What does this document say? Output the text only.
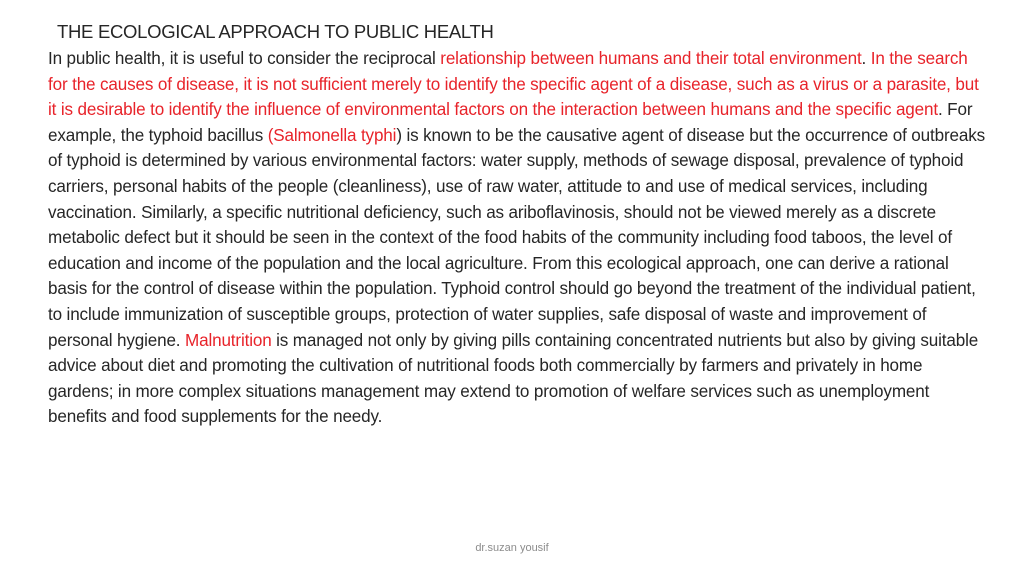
THE ECOLOGICAL APPROACH TO PUBLIC HEALTH

In public health, it is useful to consider the reciprocal relationship between humans and their total environment. In the search for the causes of disease, it is not sufficient merely to identify the specific agent of a disease, such as a virus or a parasite, but it is desirable to identify the influence of environmental factors on the interaction between humans and the specific agent. For example, the typhoid bacillus (Salmonella typhi) is known to be the causative agent of disease but the occurrence of outbreaks of typhoid is determined by various environmental factors: water supply, methods of sewage disposal, prevalence of typhoid carriers, personal habits of the people (cleanliness), use of raw water, attitude to and use of medical services, including vaccination. Similarly, a specific nutritional deficiency, such as ariboflavinosis, should not be viewed merely as a discrete metabolic defect but it should be seen in the context of the food habits of the community including food taboos, the level of education and income of the population and the local agriculture. From this ecological approach, one can derive a rational basis for the control of disease within the population. Typhoid control should go beyond the treatment of the individual patient, to include immunization of susceptible groups, protection of water supplies, safe disposal of waste and improvement of personal hygiene. Malnutrition is managed not only by giving pills containing concentrated nutrients but also by giving suitable advice about diet and promoting the cultivation of nutritional foods both commercially by farmers and privately in home gardens; in more complex situations management may extend to promotion of welfare services such as unemployment benefits and food supplements for the needy.

dr.suzan yousif
